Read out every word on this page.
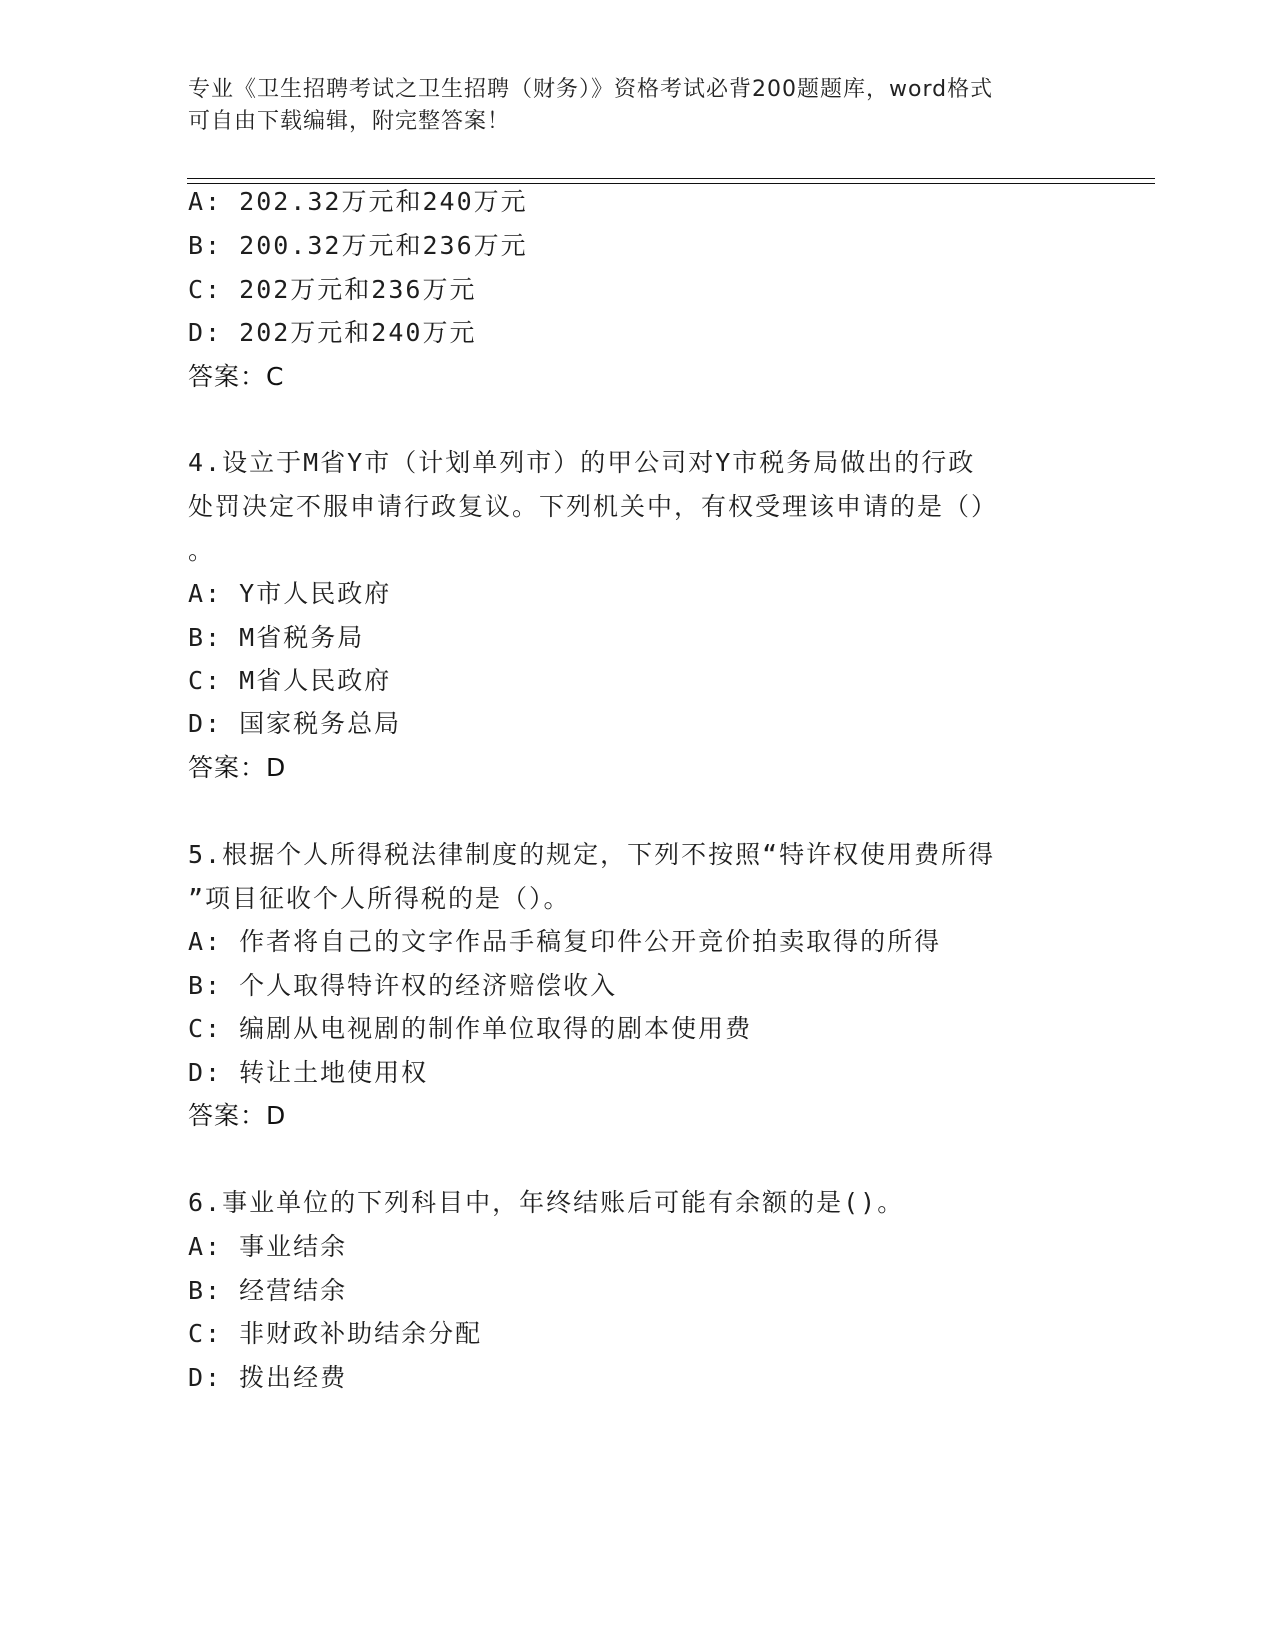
专业《卫生招聘考试之卫生招聘（财务）》资格考试必背200题题库，word格式
可自由下载编辑，附完整答案！
A: 202.32万元和240万元
B: 200.32万元和236万元
C: 202万元和236万元
D: 202万元和240万元
答案：C
4.设立于M省Y市（计划单列市）的甲公司对Y市税务局做出的行政
处罚决定不服申请行政复议。下列机关中，有权受理该申请的是（）
。
A: Y市人民政府
B: M省税务局
C: M省人民政府
D: 国家税务总局
答案：D
5.根据个人所得税法律制度的规定，下列不按照“特许权使用费所得
”项目征收个人所得税的是（）。
A: 作者将自己的文字作品手稿复印件公开竞价拍卖取得的所得
B: 个人取得特许权的经济赔偿收入
C: 编剧从电视剧的制作单位取得的剧本使用费
D: 转让土地使用权
答案：D
6.事业单位的下列科目中，年终结账后可能有余额的是()。
A: 事业结余
B: 经营结余
C: 非财政补助结余分配
D: 拨出经费
